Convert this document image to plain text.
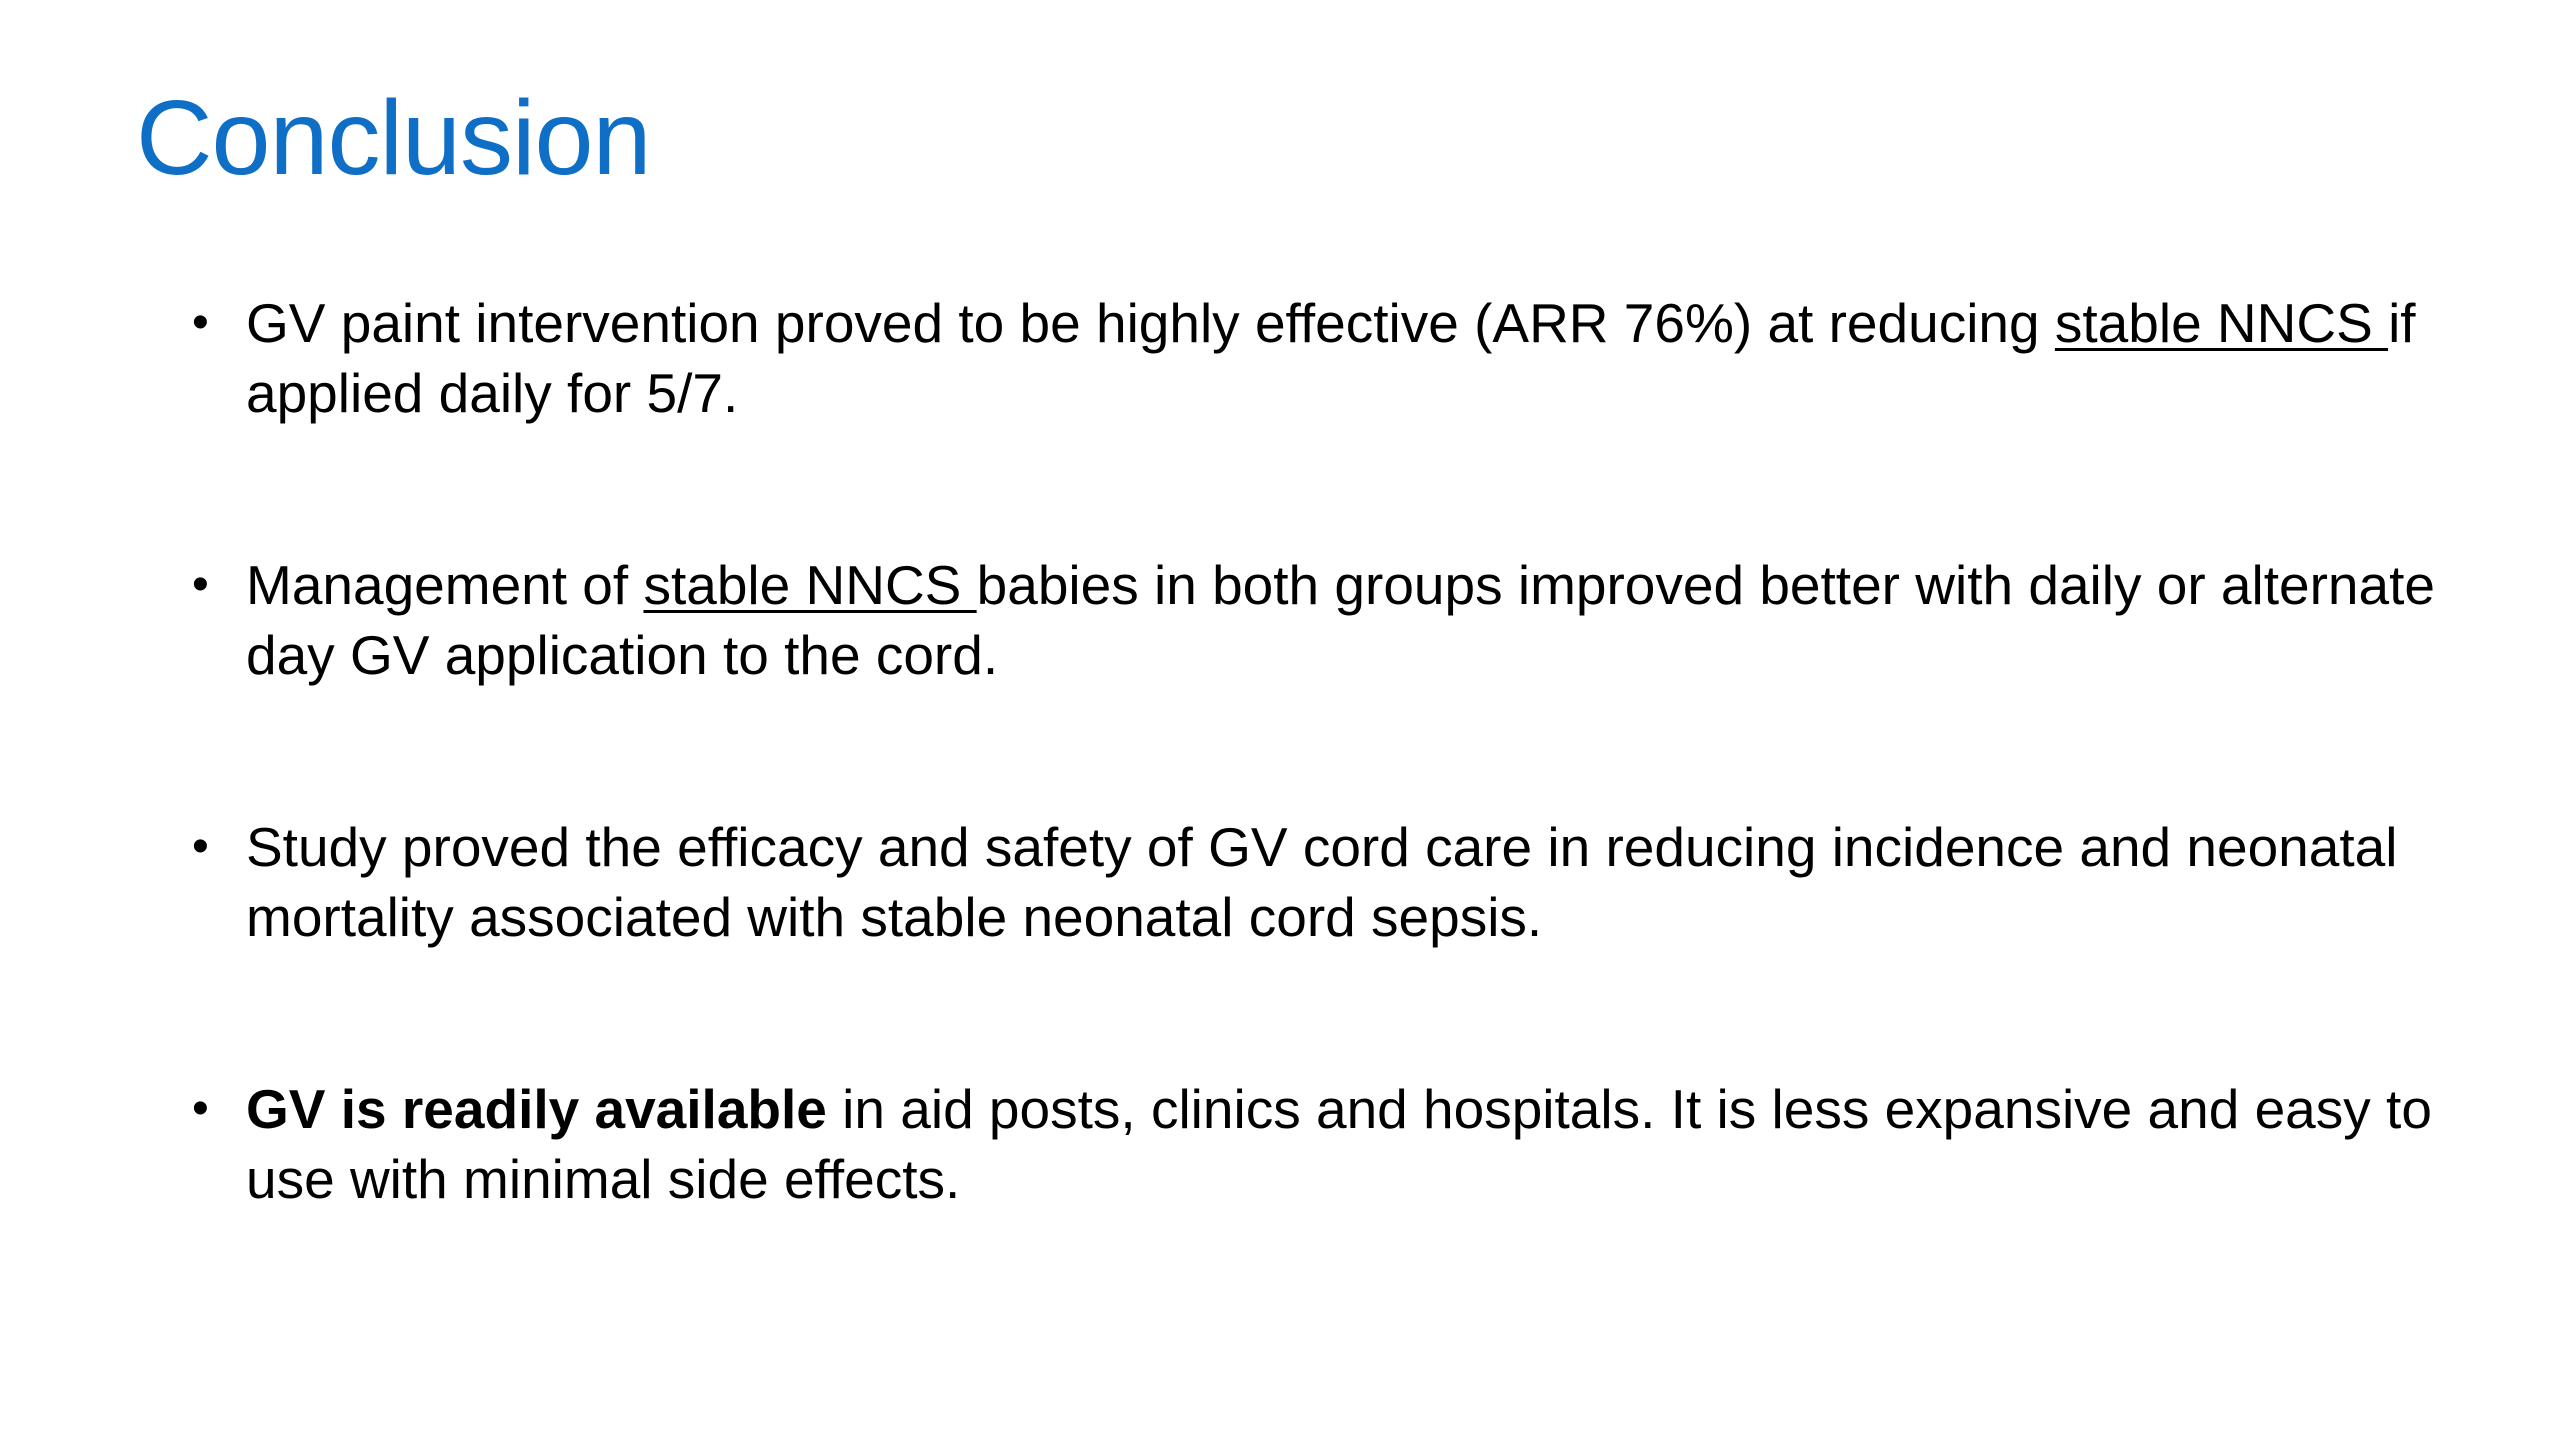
Conclusion
• GV paint intervention proved to be highly effective (ARR 76%) at reducing stable NNCS if applied daily for 5/7.
• Management of stable NNCS babies in both groups improved better with daily or alternate day GV application to the cord.
• Study proved the efficacy and safety of GV cord care in reducing incidence and neonatal mortality associated with stable neonatal cord sepsis.
• GV is readily available in aid posts, clinics and hospitals. It is less expansive and easy to use with minimal side effects.
